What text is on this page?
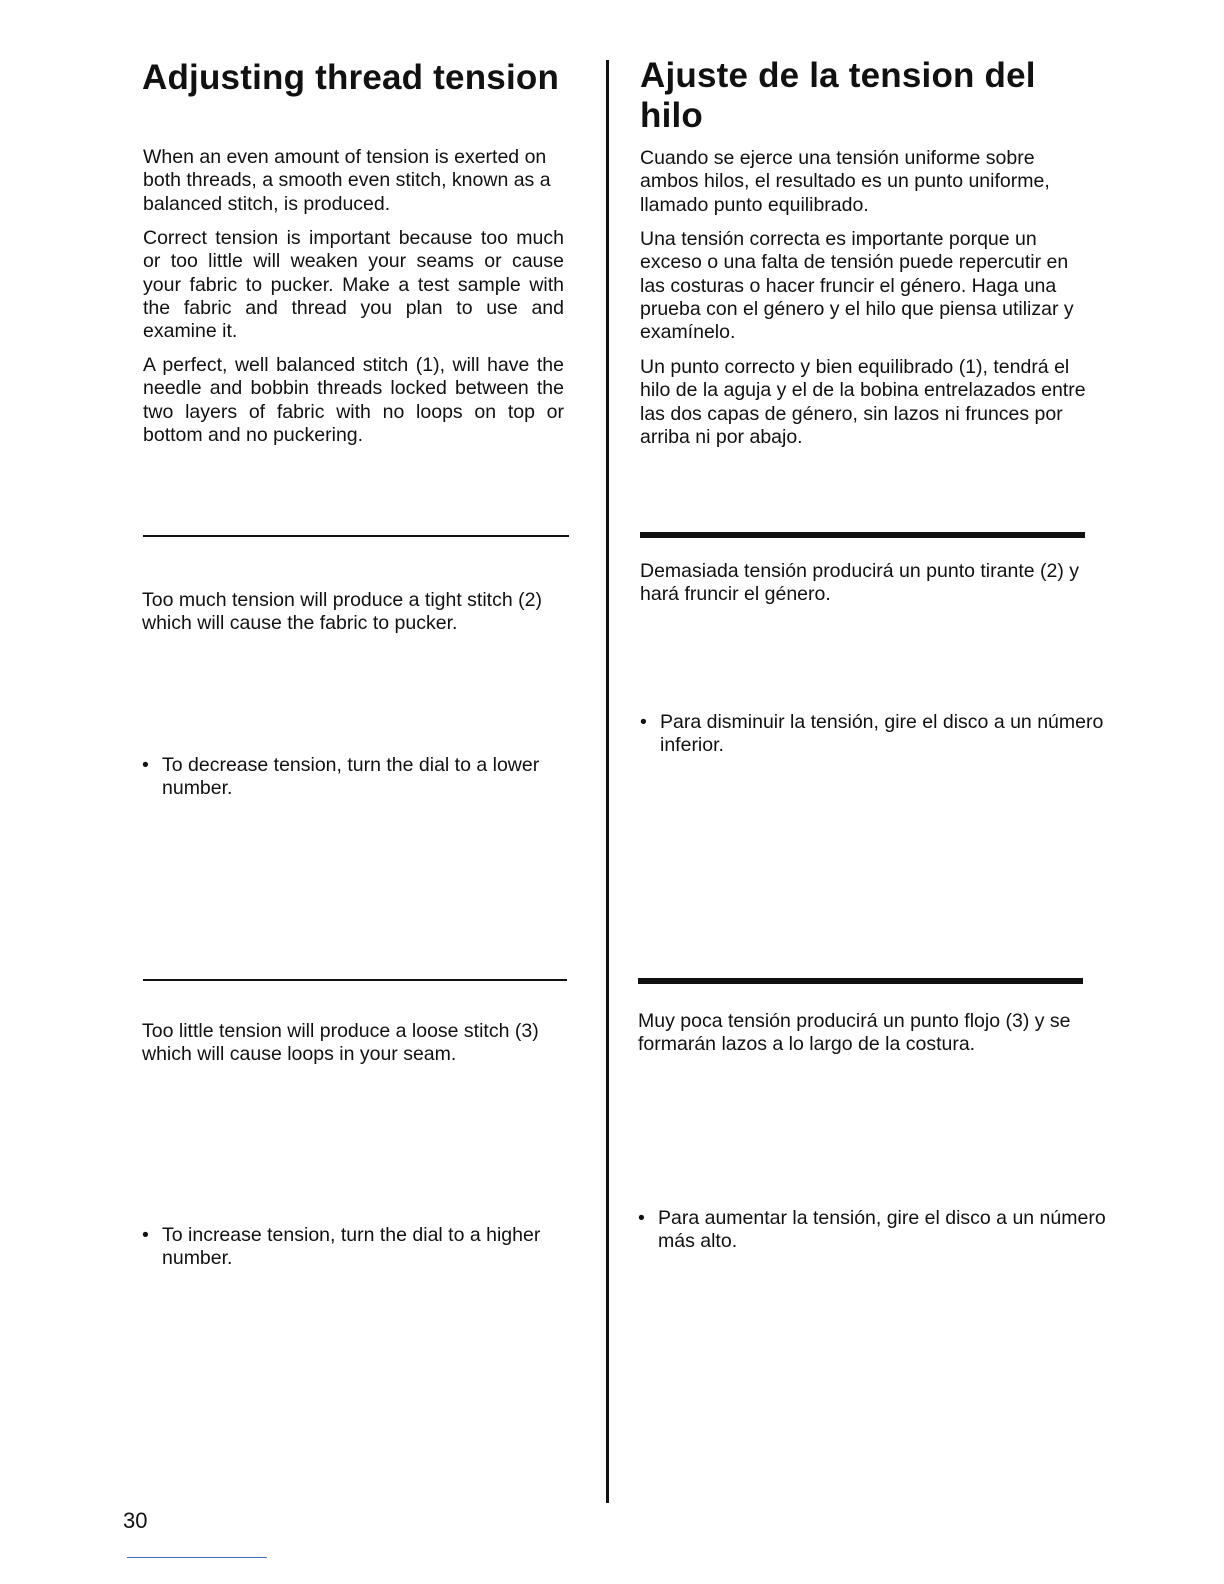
Adjusting thread tension

When an even amount of tension is exerted on both threads, a smooth even stitch, known as a balanced stitch, is produced.

Correct tension is important because too much or too little will weaken your seams or cause your fabric to pucker. Make a test sample with the fabric and thread you plan to use and examine it.

A perfect, well balanced stitch (1), will have the needle and bobbin threads locked between the two layers of fabric with no loops on top or bottom and no puckering.

Too much tension will produce a tight stitch (2) which will cause the fabric to pucker.

• To decrease tension, turn the dial to a lower number.

Too little tension will produce a loose stitch (3) which will cause loops in your seam.

• To increase tension, turn the dial to a higher number.
Ajuste de la tension del hilo

Cuando se ejerce una tensión uniforme sobre ambos hilos, el resultado es un punto uniforme, llamado punto equilibrado.

Una tensión correcta es importante porque un exceso o una falta de tensión puede repercutir en las costuras o hacer fruncir el género. Haga una prueba con el género y el hilo que piensa utilizar y examínelo.

Un punto correcto y bien equilibrado (1), tendrá el hilo de la aguja y el de la bobina entrelazados entre las dos capas de género, sin lazos ni frunces por arriba ni por abajo.

Demasiada tensión producirá un punto tirante (2) y hará fruncir el género.

• Para disminuir la tensión, gire el disco a un número inferior.

Muy poca tensión producirá un punto flojo (3) y se formarán lazos a lo largo de la costura.

• Para aumentar la tensión, gire el disco a un número más alto.
30
